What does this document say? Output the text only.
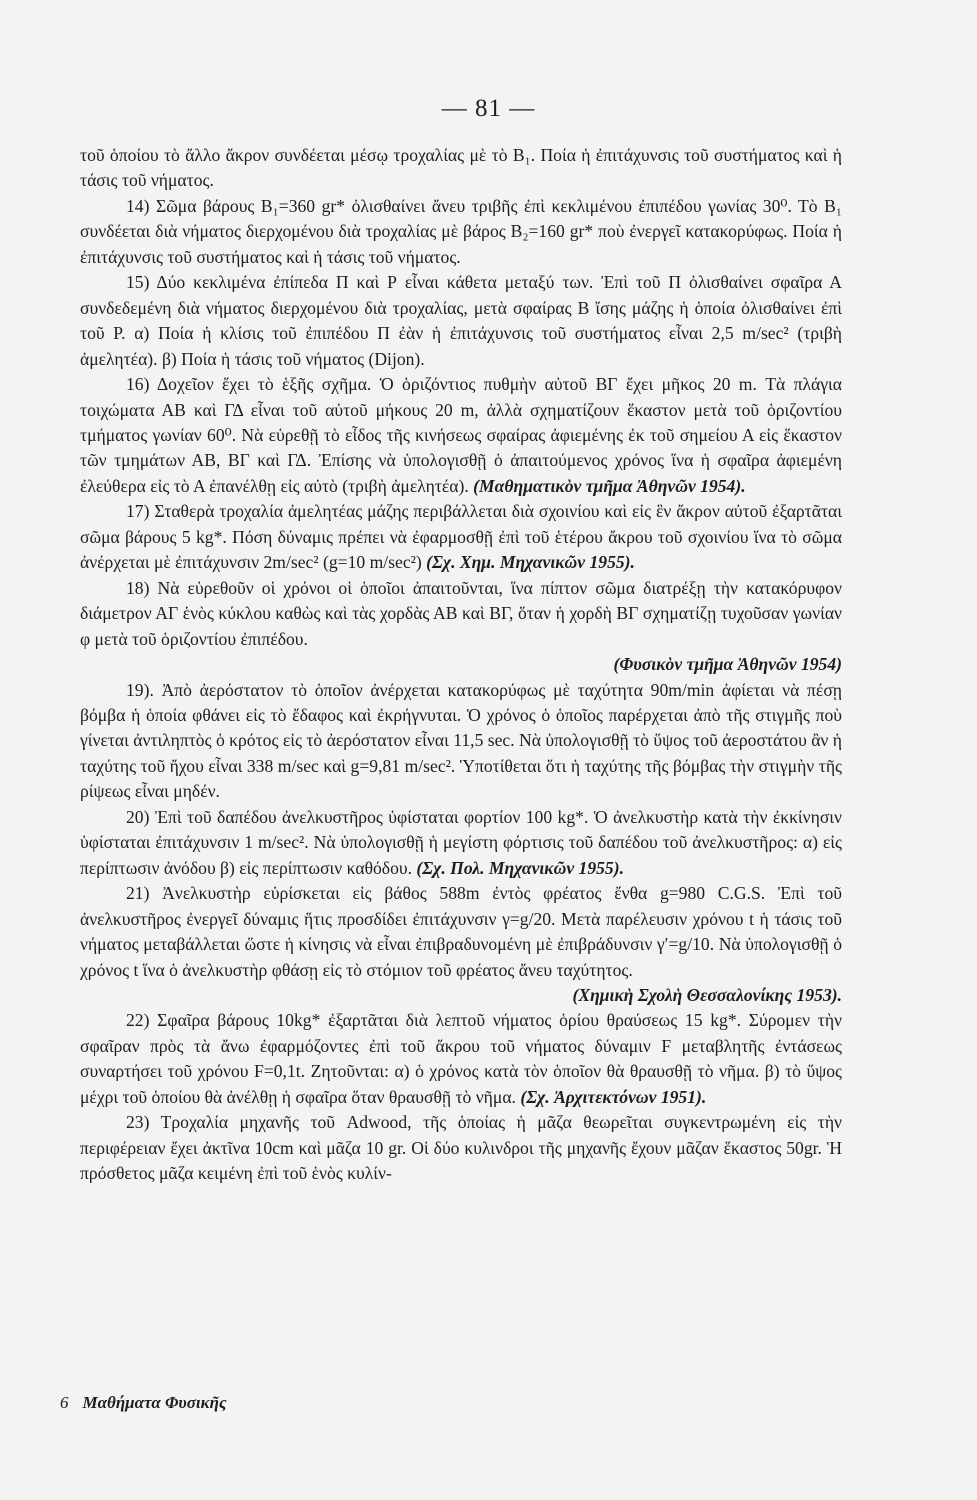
— 81 —

τοῦ ὁποίου τὸ ἄλλο ἄκρον συνδέεται μέσῳ τροχαλίας μὲ τὸ B₁. Ποία ἡ ἐπιτάχυνσις τοῦ συστήματος καὶ ἡ τάσις τοῦ νήματος.

14) Σῶμα βάρους B₁=360 gr* ὀλισθαίνει ἄνευ τριβῆς ἐπὶ κεκλιμένου ἐπιπέδου γωνίας 30⁰. Τὸ B₁ συνδέεται διὰ νήματος διερχομένου διὰ τροχαλίας μὲ βάρος B₂=160 gr* ποὺ ἐνεργεῖ κατακορύφως. Ποία ἡ ἐπιτάχυνσις τοῦ συστήματος καὶ ἡ τάσις τοῦ νήματος.

15) Δύο κεκλιμένα ἐπίπεδα Π καὶ Ρ εἶναι κάθετα μεταξύ των. Ἐπὶ τοῦ Π ὀλισθαίνει σφαῖρα Α συνδεδεμένη διὰ νήματος διερχομένου διὰ τροχαλίας, μετὰ σφαίρας Β ἴσης μάζης ἡ ὁποία ὀλισθαίνει ἐπὶ τοῦ Ρ. α) Ποία ἡ κλίσις τοῦ ἐπιπέδου Π ἐὰν ἡ ἐπιτάχυνσις τοῦ συστήματος εἶναι 2,5 m/sec² (τριβὴ ἀμελητέα). β) Ποία ἡ τάσις τοῦ νήματος (Dijon).

16) Δοχεῖον ἔχει τὸ ἑξῆς σχῆμα. Ὁ ὁριζόντιος πυθμὴν αὐτοῦ ΒΓ ἔχει μῆκος 20 m. Τὰ πλάγια τοιχώματα ΑΒ καὶ ΓΔ εἶναι τοῦ αὐτοῦ μήκους 20 m, ἀλλὰ σχηματίζουν ἕκαστον μετὰ τοῦ ὁριζοντίου τμήματος γωνίαν 60⁰. Νὰ εὑρεθῇ τὸ εἶδος τῆς κινήσεως σφαίρας ἀφιεμένης ἐκ τοῦ σημείου Α εἰς ἕκαστον τῶν τμημάτων ΑΒ, ΒΓ καὶ ΓΔ. Ἐπίσης νὰ ὑπολογισθῇ ὁ ἀπαιτούμενος χρόνος ἵνα ἡ σφαῖρα ἀφιεμένη ἐλεύθερα εἰς τὸ Α ἐπανέλθῃ εἰς αὐτὸ (τριβὴ ἀμελητέα). (Μαθηματικὸν τμῆμα Ἀθηνῶν 1954).

17) Σταθερὰ τροχαλία ἀμελητέας μάζης περιβάλλεται διὰ σχοινίου καὶ εἰς ἓν ἄκρον αὐτοῦ ἐξαρτᾶται σῶμα βάρους 5 kg*. Πόση δύναμις πρέπει νὰ ἐφαρμοσθῇ ἐπὶ τοῦ ἑτέρου ἄκρου τοῦ σχοινίου ἵνα τὸ σῶμα ἀνέρχεται μὲ ἐπιτάχυνσιν 2m/sec² (g=10 m/sec²) (Σχ. Χημ. Μηχανικῶν 1955).

18) Νὰ εὑρεθοῦν οἱ χρόνοι οἱ ὁποῖοι ἀπαιτοῦνται, ἵνα πίπτον σῶμα διατρέξῃ τὴν κατακόρυφον διάμετρον ΑΓ ἑνὸς κύκλου καθὼς καὶ τὰς χορδὰς ΑΒ καὶ ΒΓ, ὅταν ἡ χορδὴ ΒΓ σχηματίζῃ τυχοῦσαν γωνίαν φ μετὰ τοῦ ὁριζοντίου ἐπιπέδου.

(Φυσικὸν τμῆμα Ἀθηνῶν 1954)

19). Ἀπὸ ἀερόστατον τὸ ὁποῖον ἀνέρχεται κατακορύφως μὲ ταχύτητα 90m/min ἀφίεται νὰ πέσῃ βόμβα ἡ ὁποία φθάνει εἰς τὸ ἔδαφος καὶ ἐκρήγνυται. Ὁ χρόνος ὁ ὁποῖος παρέρχεται ἀπὸ τῆς στιγμῆς ποὺ γίνεται ἀντιληπτὸς ὁ κρότος εἰς τὸ ἀερόστατον εἶναι 11,5 sec. Νὰ ὑπολογισθῇ τὸ ὕψος τοῦ ἀεροστάτου ἂν ἡ ταχύτης τοῦ ἤχου εἶναι 338 m/sec καὶ g=9,81 m/sec². Ὑποτίθεται ὅτι ἡ ταχύτης τῆς βόμβας τὴν στιγμὴν τῆς ρίψεως εἶναι μηδέν.

20) Ἐπὶ τοῦ δαπέδου ἀνελκυστῆρος ὑφίσταται φορτίον 100 kg*. Ὁ ἀνελκυστὴρ κατὰ τὴν ἐκκίνησιν ὑφίσταται ἐπιτάχυνσιν 1 m/sec². Νὰ ὑπολογισθῇ ἡ μεγίστη φόρτισις τοῦ δαπέδου τοῦ ἀνελκυστῆρος: α) εἰς περίπτωσιν ἀνόδου β) εἰς περίπτωσιν καθόδου. (Σχ. Πολ. Μηχανικῶν 1955).

21) Ἀνελκυστὴρ εὑρίσκεται εἰς βάθος 588m ἐντὸς φρέατος ἔνθα g=980 C.G.S. Ἐπὶ τοῦ ἀνελκυστῆρος ἐνεργεῖ δύναμις ἥτις προσδίδει ἐπιτάχυνσιν γ=g/20. Μετὰ παρέλευσιν χρόνου t ἡ τάσις τοῦ νήματος μεταβάλλεται ὥστε ἡ κίνησις νὰ εἶναι ἐπιβραδυνομένη μὲ ἐπιβράδυνσιν γ′=g/10. Νὰ ὑπολογισθῇ ὁ χρόνος t ἵνα ὁ ἀνελκυστὴρ φθάσῃ εἰς τὸ στόμιον τοῦ φρέατος ἄνευ ταχύτητος.

(Χημικὴ Σχολὴ Θεσσαλονίκης 1953).

22) Σφαῖρα βάρους 10kg* ἐξαρτᾶται διὰ λεπτοῦ νήματος ὁρίου θραύσεως 15 kg*. Σύρομεν τὴν σφαῖραν πρὸς τὰ ἄνω ἐφαρμόζοντες ἐπὶ τοῦ ἄκρου τοῦ νήματος δύναμιν F μεταβλητῆς ἐντάσεως συναρτήσει τοῦ χρόνου F=0,1t. Ζητοῦνται: α) ὁ χρόνος κατὰ τὸν ὁποῖον θὰ θραυσθῇ τὸ νῆμα. β) τὸ ὕψος μέχρι τοῦ ὁποίου θὰ ἀνέλθῃ ἡ σφαῖρα ὅταν θραυσθῇ τὸ νῆμα. (Σχ. Ἀρχιτεκτόνων 1951).

23) Τροχαλία μηχανῆς τοῦ Adwood, τῆς ὁποίας ἡ μᾶζα θεωρεῖται συγκεντρωμένη εἰς τὴν περιφέρειαν ἔχει ἀκτῖνα 10cm καὶ μᾶζα 10 gr. Οἱ δύο κυλινδροι τῆς μηχανῆς ἔχουν μᾶζαν ἕκαστος 50gr. Ἡ πρόσθετος μᾶζα κειμένη ἐπὶ τοῦ ἑνὸς κυλίν-

6 Μαθήματα Φυσικῆς
